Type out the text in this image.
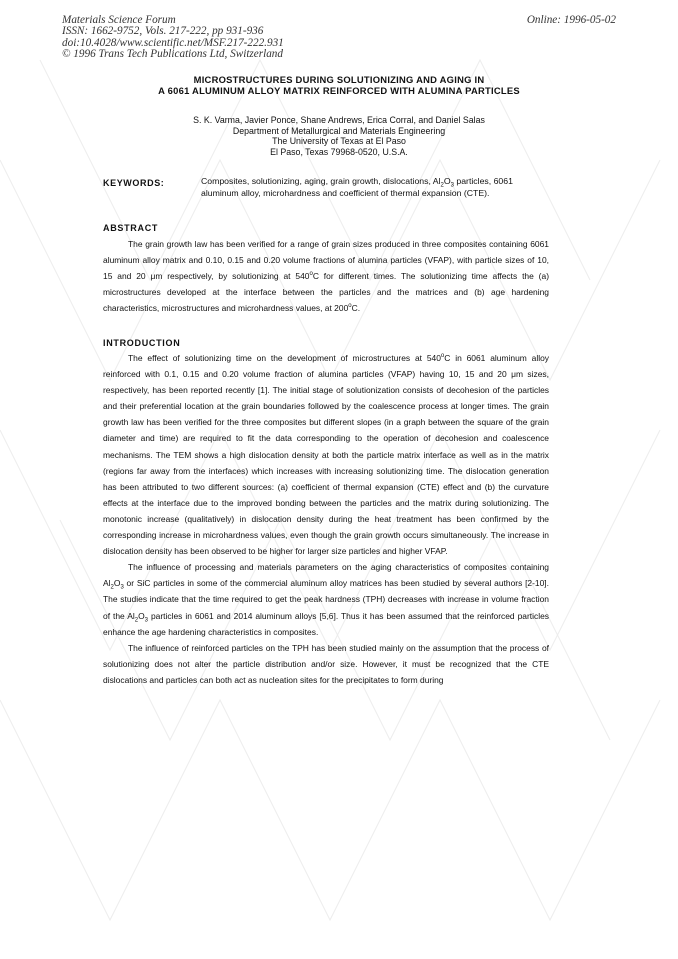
Materials Science Forum
ISSN: 1662-9752, Vols. 217-222, pp 931-936
doi:10.4028/www.scientific.net/MSF.217-222.931
© 1996 Trans Tech Publications Ltd, Switzerland
Online: 1996-05-02
MICROSTRUCTURES DURING SOLUTIONIZING AND AGING IN
A 6061 ALUMINUM ALLOY MATRIX REINFORCED WITH ALUMINA PARTICLES
S. K. Varma, Javier Ponce, Shane Andrews, Erica Corral, and Daniel Salas
Department of Metallurgical and Materials Engineering
The University of Texas at El Paso
El Paso, Texas 79968-0520, U.S.A.
KEYWORDS:	Composites, solutionizing, aging, grain growth, dislocations, $Al_2O_3$ particles, 6061 aluminum alloy, microhardness and coefficient of thermal expansion (CTE).
ABSTRACT

The grain growth law has been verified for a range of grain sizes produced in three composites containing 6061 aluminum alloy matrix and 0.10, 0.15 and 0.20 volume fractions of alumina particles (VFAP), with particle sizes of 10, 15 and 20 μm respectively, by solutionizing at 540$^o$C for different times. The solutionizing time affects the (a) microstructures developed at the interface between the particles and the matrices and (b) age hardening characteristics, microstructures and microhardness values, at 200$^o$C.

INTRODUCTION

The effect of solutionizing time on the development of microstructures at 540$^o$C in 6061 aluminum alloy reinforced with 0.1, 0.15 and 0.20 volume fraction of alumina particles (VFAP) having 10, 15 and 20 μm sizes, respectively, has been reported recently [1]. The initial stage of solutionization consists of decohesion of the particles and their preferential location at the grain boundaries followed by the coalescence process at longer times. The grain growth law has been verified for the three composites but different slopes (in a graph between the square of the grain diameter and time) are required to fit the data corresponding to the operation of decohesion and coalescence mechanisms. The TEM shows a high dislocation density at both the particle matrix interface as well as in the matrix (regions far away from the interfaces) which increases with increasing solutionizing time. The dislocation generation has been attributed to two different sources: (a) coefficient of thermal expansion (CTE) effect and (b) the curvature effects at the interface due to the improved bonding between the particles and the matrix during solutionizing. The monotonic increase (qualitatively) in dislocation density during the heat treatment has been confirmed by the corresponding increase in microhardness values, even though the grain growth occurs simultaneously. The increase in dislocation density has been observed to be higher for larger size particles and higher VFAP.

The influence of processing and materials parameters on the aging characteristics of composites containing $Al_2O_3$ or SiC particles in some of the commercial aluminum alloy matrices has been studied by several authors [2-10]. The studies indicate that the time required to get the peak hardness (TPH) decreases with increase in volume fraction of the $Al_2O_3$ particles in 6061 and 2014 aluminum alloys [5,6]. Thus it has been assumed that the reinforced particles enhance the age hardening characteristics in composites.

The influence of reinforced particles on the TPH has been studied mainly on the assumption that the process of solutionizing does not alter the particle distribution and/or size. However, it must be recognized that the CTE dislocations and particles can both act as nucleation sites for the precipitates to form during
